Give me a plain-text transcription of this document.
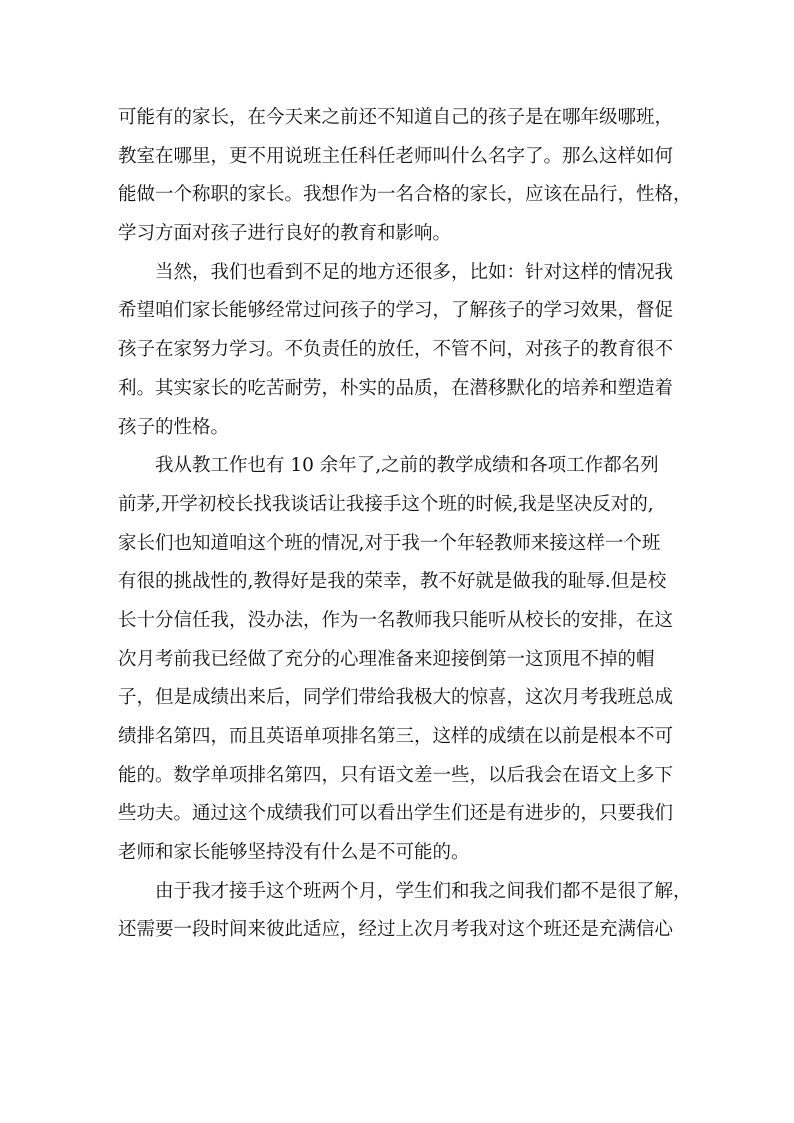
可能有的家长，在今天来之前还不知道自己的孩子是在哪年级哪班，
教室在哪里，更不用说班主任科任老师叫什么名字了。那么这样如何
能做一个称职的家长。我想作为一名合格的家长，应该在品行，性格，
学习方面对孩子进行良好的教育和影响。
当然，我们也看到不足的地方还很多，比如：针对这样的情况我
希望咱们家长能够经常过问孩子的学习，了解孩子的学习效果，督促
孩子在家努力学习。不负责任的放任，不管不问，对孩子的教育很不
利。其实家长的吃苦耐劳，朴实的品质，在潜移默化的培养和塑造着
孩子的性格。
我从教工作也有 10 余年了,之前的教学成绩和各项工作都名列
前茅,开学初校长找我谈话让我接手这个班的时候,我是坚决反对的,
家长们也知道咱这个班的情况,对于我一个年轻教师来接这样一个班
有很的挑战性的,教得好是我的荣幸，教不好就是做我的耻辱.但是校
长十分信任我，没办法，作为一名教师我只能听从校长的安排，在这
次月考前我已经做了充分的心理准备来迎接倒第一这顶甩不掉的帽
子，但是成绩出来后，同学们带给我极大的惊喜，这次月考我班总成
绩排名第四，而且英语单项排名第三，这样的成绩在以前是根本不可
能的。数学单项排名第四，只有语文差一些，以后我会在语文上多下
些功夫。通过这个成绩我们可以看出学生们还是有进步的，只要我们
老师和家长能够坚持没有什么是不可能的。
由于我才接手这个班两个月，学生们和我之间我们都不是很了解，
还需要一段时间来彼此适应，经过上次月考我对这个班还是充满信心
